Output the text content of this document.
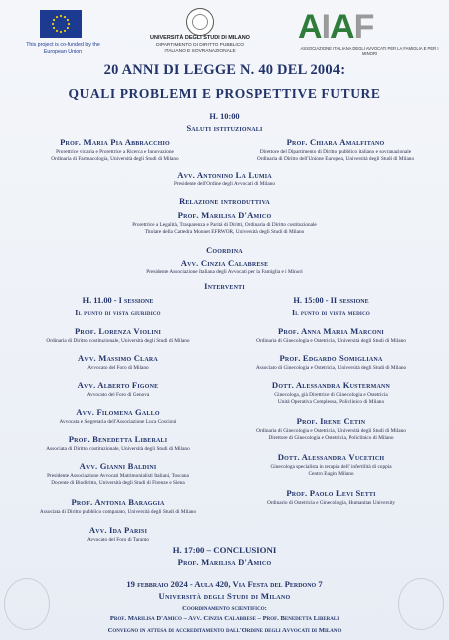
This project is co-funded by the European Union
UNIVERSITÀ DEGLI STUDI DI MILANO
DIPARTIMENTO DI DIRITTO PUBBLICO
ITALIANO E SOVRANAZIONALE
AIAF
ASSOCIAZIONE ITALIANA DEGLI AVVOCATI PER LA FAMIGLIA E PER I MINORI
20 ANNI DI LEGGE N. 40 DEL 2004:
QUALI PROBLEMI E PROSPETTIVE FUTURE
H. 10:00
Saluti istituzionali
Prof. Maria Pia Abbracchio
Prorettrice vicaria e Prorettrice a Ricerca e Innovazione
Ordinaria di Farmacologia, Università degli Studi di Milano
Prof. Chiara Amalfitano
Direttore del Dipartimento di Diritto pubblico italiano e sovranazionale
Ordinaria di Diritto dell'Unione Europea, Università degli Studi di Milano
Avv. Antonino La Lumia
Presidente dell'Ordine degli Avvocati di Milano
Relazione introduttiva
Prof. Marilisa D'Amico
Prorettrice a Legalità, Trasparenza e Parità di Diritti, Ordinaria di Diritto costituzionale
Titolare della Cattedra Monnet EFRWOR, Università degli Studi di Milano
Coordina
Avv. Cinzia Calabrese
Presidente Associazione Italiana degli Avvocati per la Famiglia e i Minori
Interventi
H. 11.00 - I sessione
Il punto di vista giuridico
Prof. Lorenza Violini
Ordinaria di Diritto costituzionale, Università degli Studi di Milano
Avv. Massimo Clara
Avvocato del Foro di Milano
Avv. Alberto Figone
Avvocato del Foro di Genova
Avv. Filomena Gallo
Avvocata e Segretaria dell'Associazione Luca Coscioni
Prof. Benedetta Liberali
Associata di Diritto costituzionale, Università degli Studi di Milano
Avv. Gianni Baldini
Presidente Associazione Avvocati Matrimonialisti Italiani, Toscana
Docente di Biodiritto, Università degli Studi di Firenze e Siena
Prof. Antonia Baraggia
Associata di Diritto pubblico comparato, Università degli Studi di Milano
Avv. Ida Parisi
Avvocato del Foro di Taranto
H. 15:00 - II sessione
Il punto di vista medico
Prof. Anna Maria Marconi
Ordinaria di Ginecologia e Ostetricia, Università degli Studi di Milano
Prof. Edgardo Somigliana
Associato di Ginecologia e Ostetricia, Università degli Studi di Milano
Dott. Alessandra Kustermann
Ginecologa, già Direttrice di Ginecologia e Ostetricia
Unità Operativa Complessa, Policlinico di Milano
Prof. Irene Cetin
Ordinaria di Ginecologia e Ostetricia, Università degli Studi di Milano
Direttore di Ginecologia e Ostetricia, Policlinico di Milano
Dott. Alessandra Vucetich
Ginecologa specialista in terapia dell' infertilità di coppia
Centro Eugin Milano
Prof. Paolo Levi Setti
Ordinario di Ostetricia e Ginecologia, Humanitas University
H. 17:00 – CONCLUSIONI
Prof. Marilisa D'Amico
19 febbraio 2024 - Aula 420, Via Festa del Perdono 7
Università degli Studi di Milano
Coordinamento scientifico:
Prof. Marilisa D'Amico – Avv. Cinzia Calabrese – Prof. Benedetta Liberali
Convegno in attesa di accreditamento dall'Ordine degli Avvocati di Milano
